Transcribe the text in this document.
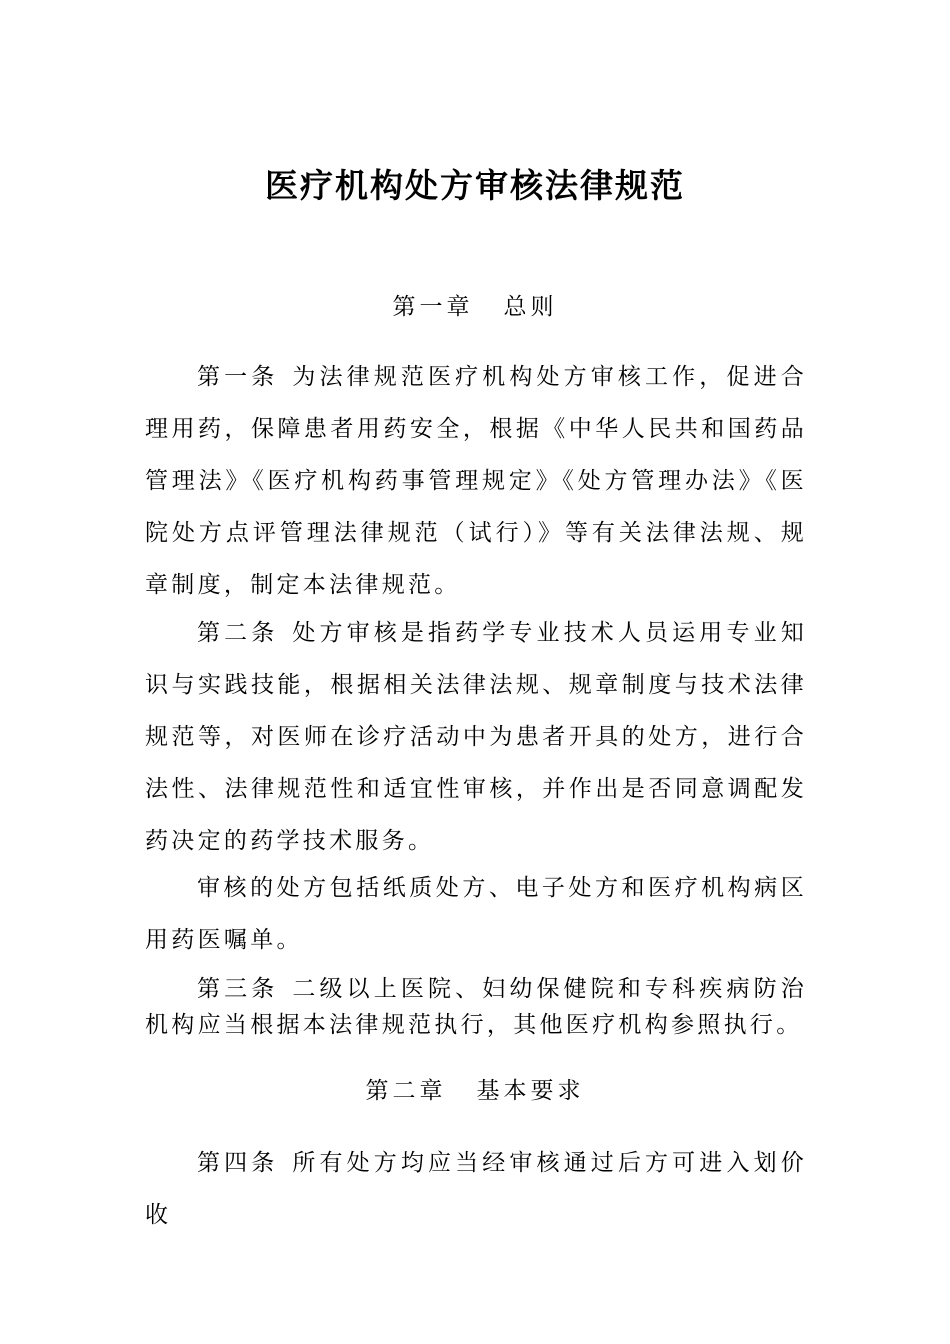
医疗机构处方审核法律规范
第一章 总则

第一条 为法律规范医疗机构处方审核工作，促进合理用药，保障患者用药安全，根据《中华人民共和国药品管理法》《医疗机构药事管理规定》《处方管理办法》《医院处方点评管理法律规范（试行）》等有关法律法规、规章制度，制定本法律规范。

第二条 处方审核是指药学专业技术人员运用专业知识与实践技能，根据相关法律法规、规章制度与技术法律规范等，对医师在诊疗活动中为患者开具的处方，进行合法性、法律规范性和适宜性审核，并作出是否同意调配发药决定的药学技术服务。

审核的处方包括纸质处方、电子处方和医疗机构病区用药医嘱单。

第三条 二级以上医院、妇幼保健院和专科疾病防治机构应当根据本法律规范执行，其他医疗机构参照执行。

第二章 基本要求

第四条 所有处方均应当经审核通过后方可进入划价收
